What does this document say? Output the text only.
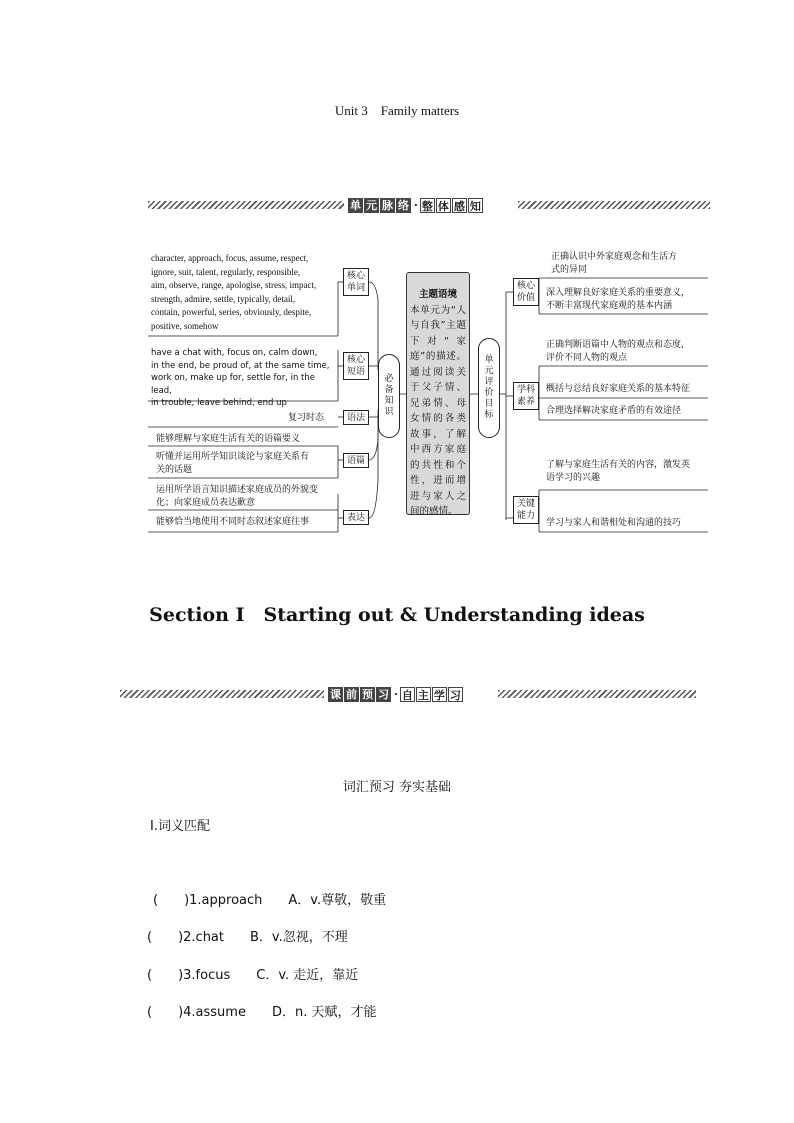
Unit 3　Family matters
单 元 脉 络 · 整 体 感 知
character, approach, focus, assume, respect,
ignore, suit, talent, regularly, responsible,
aim, observe, range, apologise, stress, impact,
strength, admire, settle, typically, detail,
contain, powerful, series, obviously, despite,
positive, somehow
have a chat with, focus on, calm down,
in the end, be proud of, at the same time,
work on, make up for, settle for, in the lead,
in trouble, leave behind, end up
复习时态
能够理解与家庭生活有关的语篇要义
听懂并运用所学知识谈论与家庭关系有
关的话题
运用所学语言知识描述家庭成员的外貌变
化；向家庭成员表达歉意
能够恰当地使用不同时态叙述家庭往事
核心
单词
核心
短语
语法
语篇
表达
必
备
知
识
主题语境
本单元为“人与自我”主题下对“家庭”的描述。通过阅读关于父子情、兄弟情、母女情的各类故事，了解中西方家庭的共性和个性，进而增进与家人之间的感情。
单
元
评
价
目
标
核心
价值
学科
素养
关键
能力
正确认识中外家庭观念和生活方
式的异同
深入理解良好家庭关系的重要意义，
不断丰富现代家庭观的基本内涵
正确判断语篇中人物的观点和态度，
评价不同人物的观点
概括与总结良好家庭关系的基本特征
合理选择解决家庭矛盾的有效途径
了解与家庭生活有关的内容，激发英
语学习的兴趣
学习与家人和谐相处和沟通的技巧
Section Ⅰ　Starting out & Understanding ideas
课 前 预 习 · 自 主 学 习
词汇预习 夯实基础
Ⅰ.词义匹配
(　　)1.approach　　A．v.尊敬，敬重
(　　)2.chat　　B．v.忽视，不理
(　　)3.focus　　C．v. 走近，靠近
(　　)4.assume　　D．n. 天赋，才能
